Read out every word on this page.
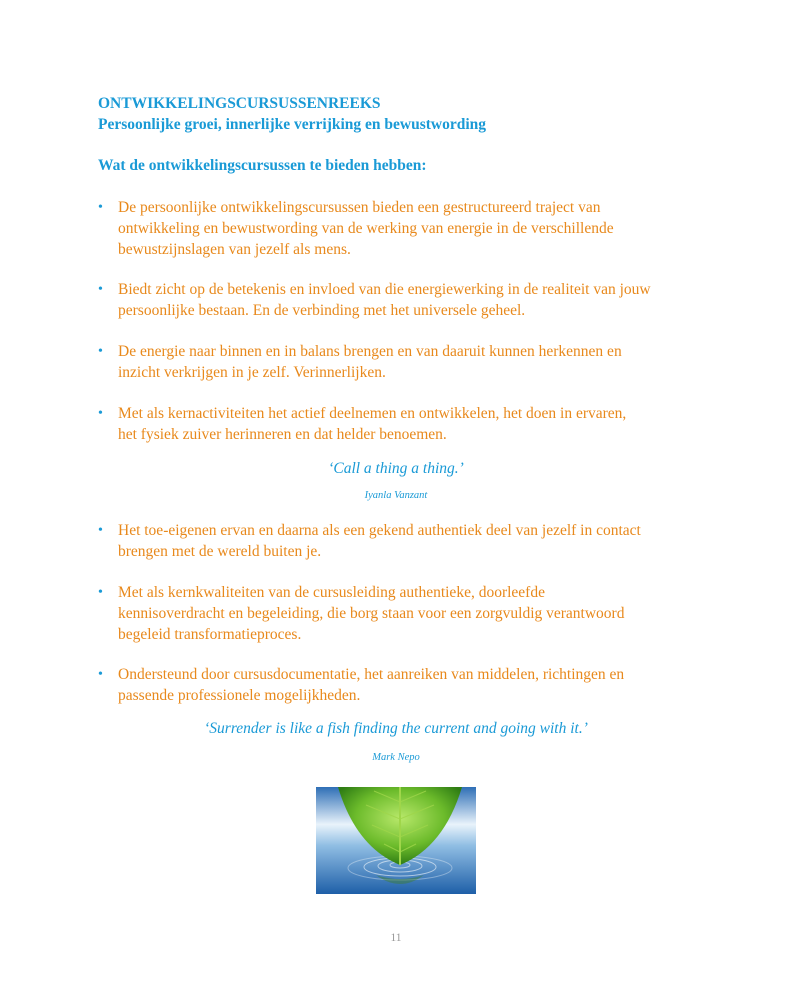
ONTWIKKELINGSCURSUSSENREEKS
Persoonlijke groei, innerlijke verrijking en bewustwording
Wat de ontwikkelingscursussen te bieden hebben:
• De persoonlijke ontwikkelingscursussen bieden een gestructureerd traject van
ontwikkeling en bewustwording van de werking van energie in de verschillende
bewustzijnslagen van jezelf als mens.
• Biedt zicht op de betekenis en invloed van die energiewerking in de realiteit van jouw
persoonlijke bestaan. En de verbinding met het universele geheel.
• De energie naar binnen en in balans brengen en van daaruit kunnen herkennen en
inzicht verkrijgen in je zelf. Verinnerlijken.
• Met als kernactiviteiten het actief deelnemen en ontwikkelen, het doen in ervaren,
het fysiek zuiver herinneren en dat helder benoemen.
‘Call a thing a thing.’
Iyanla Vanzant
• Het toe-eigenen ervan en daarna als een gekend authentiek deel van jezelf in contact
brengen met de wereld buiten je.
• Met als kernkwaliteiten van de cursusleiding authentieke, doorleefde
kennisoverdracht en begeleiding, die borg staan voor een zorgvuldig verantwoord
begeleid transformatieproces.
• Ondersteund door cursusdocumentatie, het aanreiken van middelen, richtingen en
passende professionele mogelijkheden.
‘Surrender is like a fish finding the current and going with it.’
Mark Nepo
11
